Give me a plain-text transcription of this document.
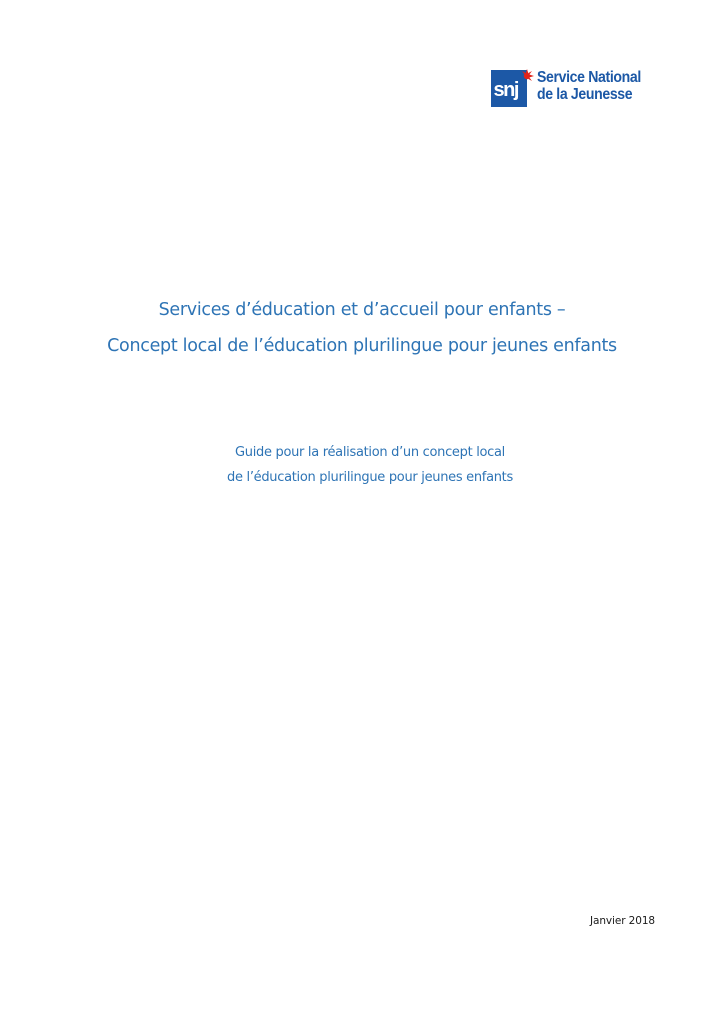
snj
Service National
de la Jeunesse
Services d’éducation et d’accueil pour enfants –
Concept local de l’éducation plurilingue pour jeunes enfants
Guide pour la réalisation d’un concept local
de l’éducation plurilingue pour jeunes enfants
Janvier 2018
